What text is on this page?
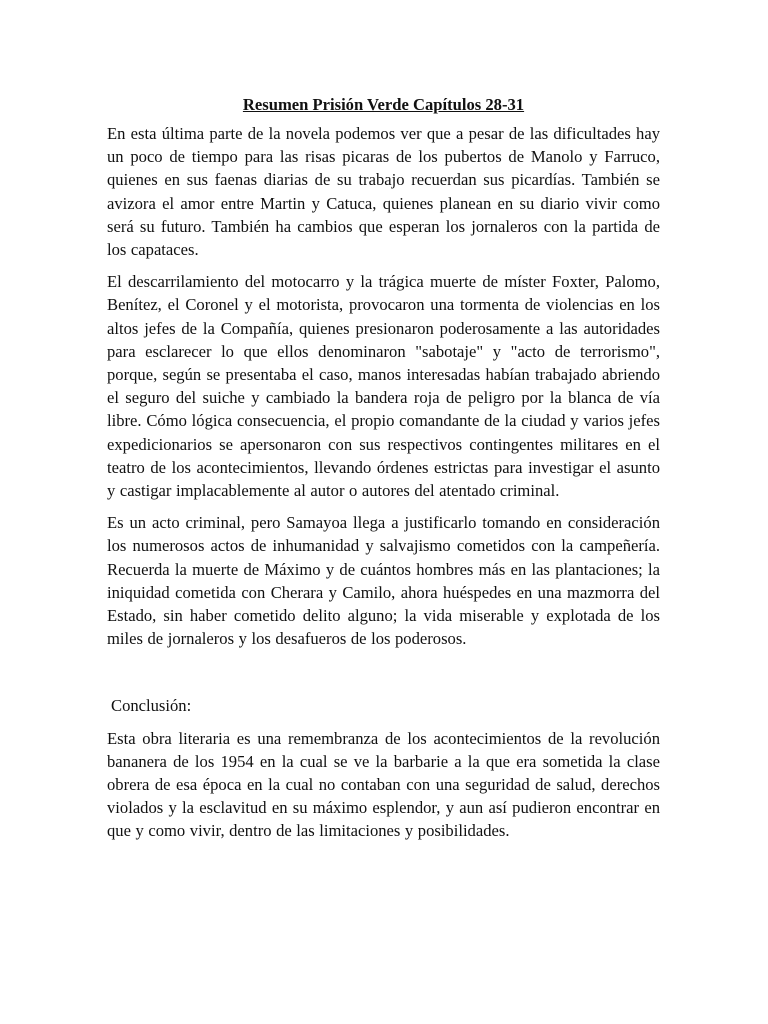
Resumen Prisión Verde Capítulos 28-31

En esta última parte de la novela podemos ver que a pesar de las dificultades hay un poco de tiempo para las risas picaras de los pubertos de Manolo y Farruco, quienes en sus faenas diarias de su trabajo recuerdan sus picardías. También se avizora el amor entre Martin y Catuca, quienes planean en su diario vivir como será su futuro. También ha cambios que esperan los jornaleros con la partida de los capataces.

El descarrilamiento del motocarro y la trágica muerte de míster Foxter, Palomo, Benítez, el Coronel y el motorista, provocaron una tormenta de violencias en los altos jefes de la Compañía, quienes presionaron poderosamente a las autoridades para esclarecer lo que ellos denominaron "sabotaje" y "acto de terrorismo", porque, según se presentaba el caso, manos interesadas habían trabajado abriendo el seguro del suiche y cambiado la bandera roja de peligro por la blanca de vía libre. Cómo lógica consecuencia, el propio comandante de la ciudad y varios jefes expedicionarios se apersonaron con sus respectivos contingentes militares en el teatro de los acontecimientos, llevando órdenes estrictas para investigar el asunto y castigar implacablemente al autor o autores del atentado criminal.

Es un acto criminal, pero Samayoa llega a justificarlo tomando en consideración los numerosos actos de inhumanidad y salvajismo cometidos con la campeñería. Recuerda la muerte de Máximo y de cuántos hombres más en las plantaciones; la iniquidad cometida con Cherara y Camilo, ahora huéspedes en una mazmorra del Estado, sin haber cometido delito alguno; la vida miserable y explotada de los miles de jornaleros y los desafueros de los poderosos.

Conclusión:

Esta obra literaria es una remembranza de los acontecimientos de la revolución bananera de los 1954 en la cual se ve la barbarie a la que era sometida la clase obrera de esa época en la cual no contaban con una seguridad de salud, derechos violados y la esclavitud en su máximo esplendor, y aun así pudieron encontrar en que y como vivir, dentro de las limitaciones y posibilidades.
